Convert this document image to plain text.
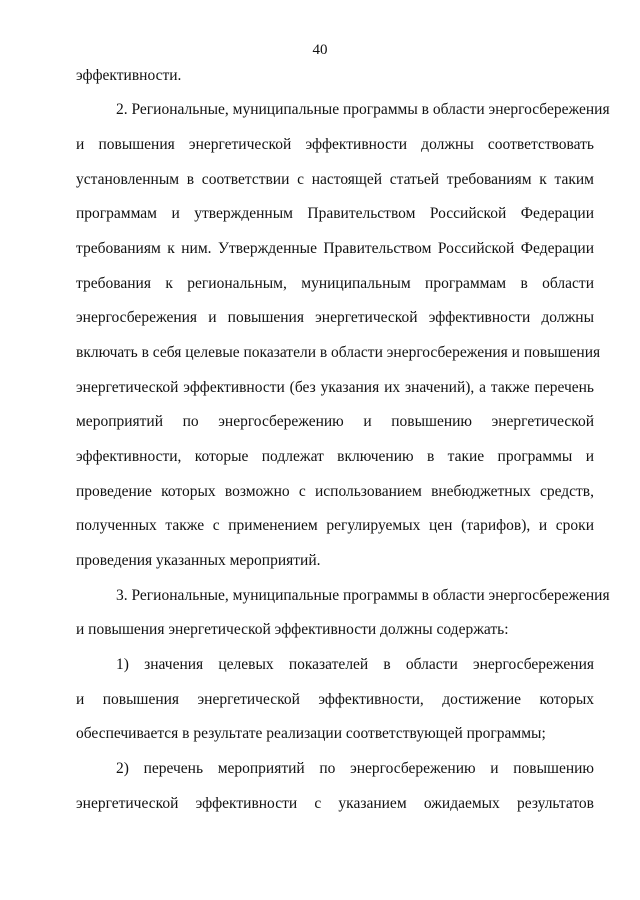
40
эффективности.
2. Региональные, муниципальные программы в области энергосбережения
и повышения энергетической эффективности должны соответствовать
установленным в соответствии с настоящей статьей требованиям к таким
программам и утвержденным Правительством Российской Федерации
требованиям к ним. Утвержденные Правительством Российской Федерации
требования к региональным, муниципальным программам в области
энергосбережения и повышения энергетической эффективности должны
включать в себя целевые показатели в области энергосбережения и повышения
энергетической эффективности (без указания их значений), а также перечень
мероприятий по энергосбережению и повышению энергетической
эффективности, которые подлежат включению в такие программы и
проведение которых возможно с использованием внебюджетных средств,
полученных также с применением регулируемых цен (тарифов), и сроки
проведения указанных мероприятий.
3. Региональные, муниципальные программы в области энергосбережения
и повышения энергетической эффективности должны содержать:
1) значения целевых показателей в области энергосбережения
и повышения энергетической эффективности, достижение которых
обеспечивается в результате реализации соответствующей программы;
2) перечень мероприятий по энергосбережению и повышению
энергетической эффективности с указанием ожидаемых результатов
